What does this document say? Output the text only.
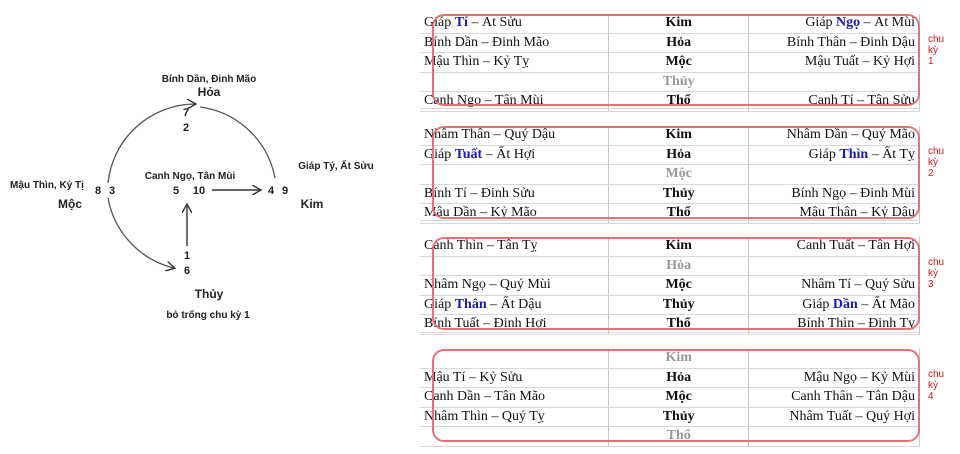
Bính Dần, Đinh Mão
Hỏa
7
2
Giáp Tý, Ất Sửu
4 9
Kim
Mậu Thìn, Kỷ Tị 8 3
Mộc
Canh Ngọ, Tân Mùi
5 10
1
6
Thủy
bỏ trống chu kỳ 1
Giáp Tí – Ất Sửu	Kim	Giáp Ngọ – Ất Mùi
Bính Dần – Đinh Mão	Hỏa	Bính Thân – Đinh Dậu
Mậu Thìn – Kỷ Tỵ	Mộc	Mậu Tuất – Kỷ Hợi
	Thủy	
Canh Ngọ – Tân Mùi	Thổ	Canh Tí – Tân Sửu
chu
kỳ
1
Nhâm Thân – Quý Dậu	Kim	Nhâm Dần – Quý Mão
Giáp Tuất – Ất Hợi	Hỏa	Giáp Thìn – Ất Tỵ
	Mộc	
Bính Tí – Đinh Sửu	Thủy	Bính Ngọ – Đinh Mùi
Mậu Dần – Kỷ Mão	Thổ	Mậu Thân – Kỷ Dậu
chu
kỳ
2
Canh Thìn – Tân Tỵ	Kim	Canh Tuất – Tân Hợi
	Hỏa	
Nhâm Ngọ – Quý Mùi	Mộc	Nhâm Tí – Quý Sửu
Giáp Thân – Ất Dậu	Thủy	Giáp Dần – Ất Mão
Bính Tuất – Đinh Hợi	Thổ	Bính Thìn – Đinh Tỵ
chu
kỳ
3
	Kim	
Mậu Tí – Kỷ Sửu	Hỏa	Mậu Ngọ – Kỷ Mùi
Canh Dần – Tân Mão	Mộc	Canh Thân – Tân Dậu
Nhâm Thìn – Quý Tỵ	Thủy	Nhâm Tuất – Quý Hợi
	Thổ	
chu
kỳ
4
